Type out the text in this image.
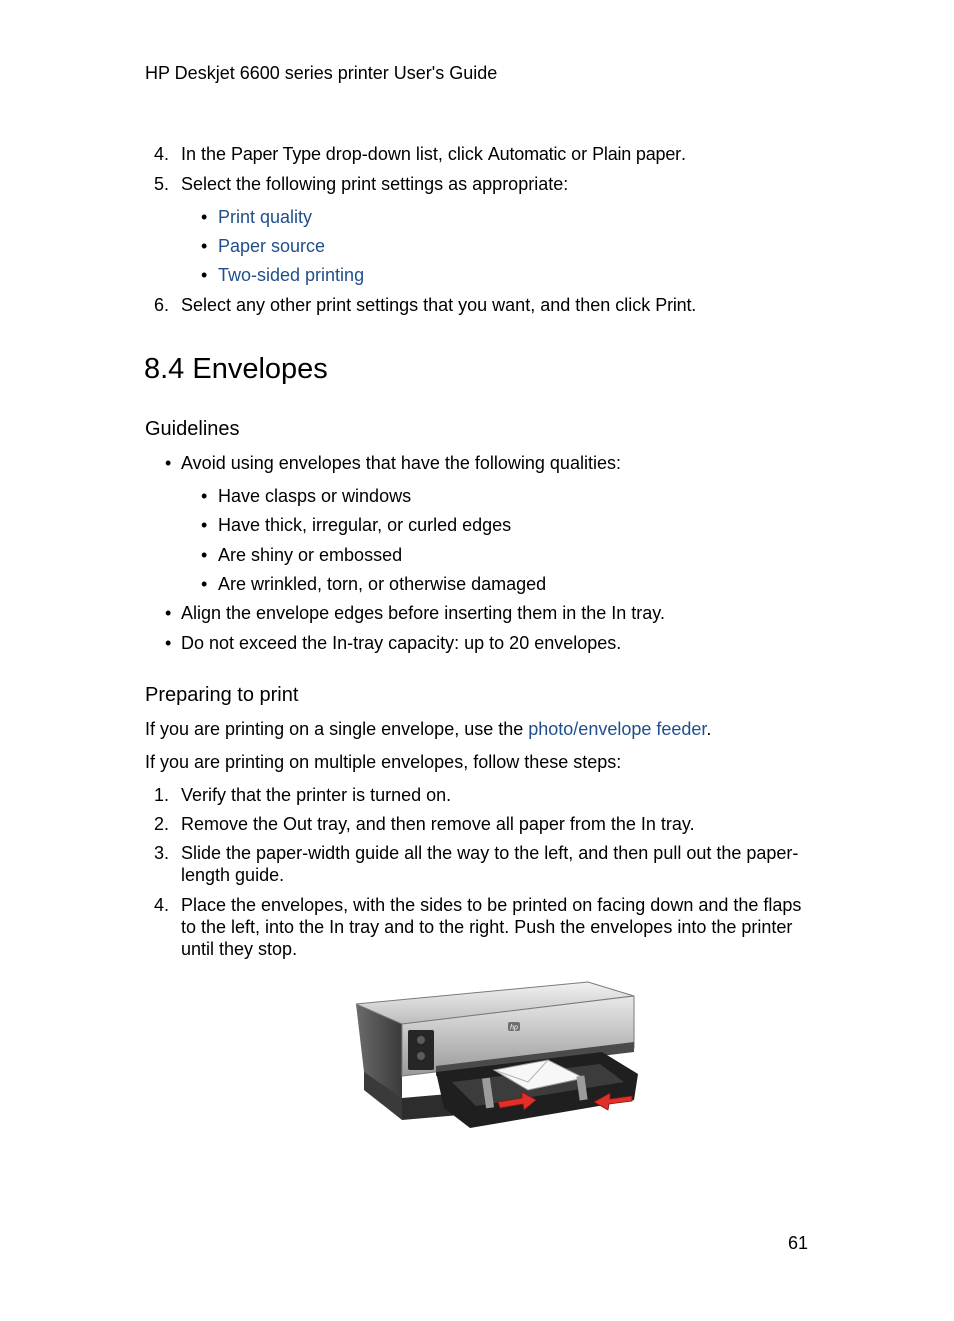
HP Deskjet 6600 series printer User's Guide
4. In the Paper Type drop-down list, click Automatic or Plain paper.
5. Select the following print settings as appropriate:
• Print quality
• Paper source
• Two-sided printing
6. Select any other print settings that you want, and then click Print.
8.4 Envelopes
Guidelines
• Avoid using envelopes that have the following qualities:
• Have clasps or windows
• Have thick, irregular, or curled edges
• Are shiny or embossed
• Are wrinkled, torn, or otherwise damaged
• Align the envelope edges before inserting them in the In tray.
• Do not exceed the In-tray capacity: up to 20 envelopes.
Preparing to print
If you are printing on a single envelope, use the photo/envelope feeder.
If you are printing on multiple envelopes, follow these steps:
1. Verify that the printer is turned on.
2. Remove the Out tray, and then remove all paper from the In tray.
3. Slide the paper-width guide all the way to the left, and then pull out the paper-
length guide.
4. Place the envelopes, with the sides to be printed on facing down and the flaps
to the left, into the In tray and to the right. Push the envelopes into the printer
until they stop.
hp
61
